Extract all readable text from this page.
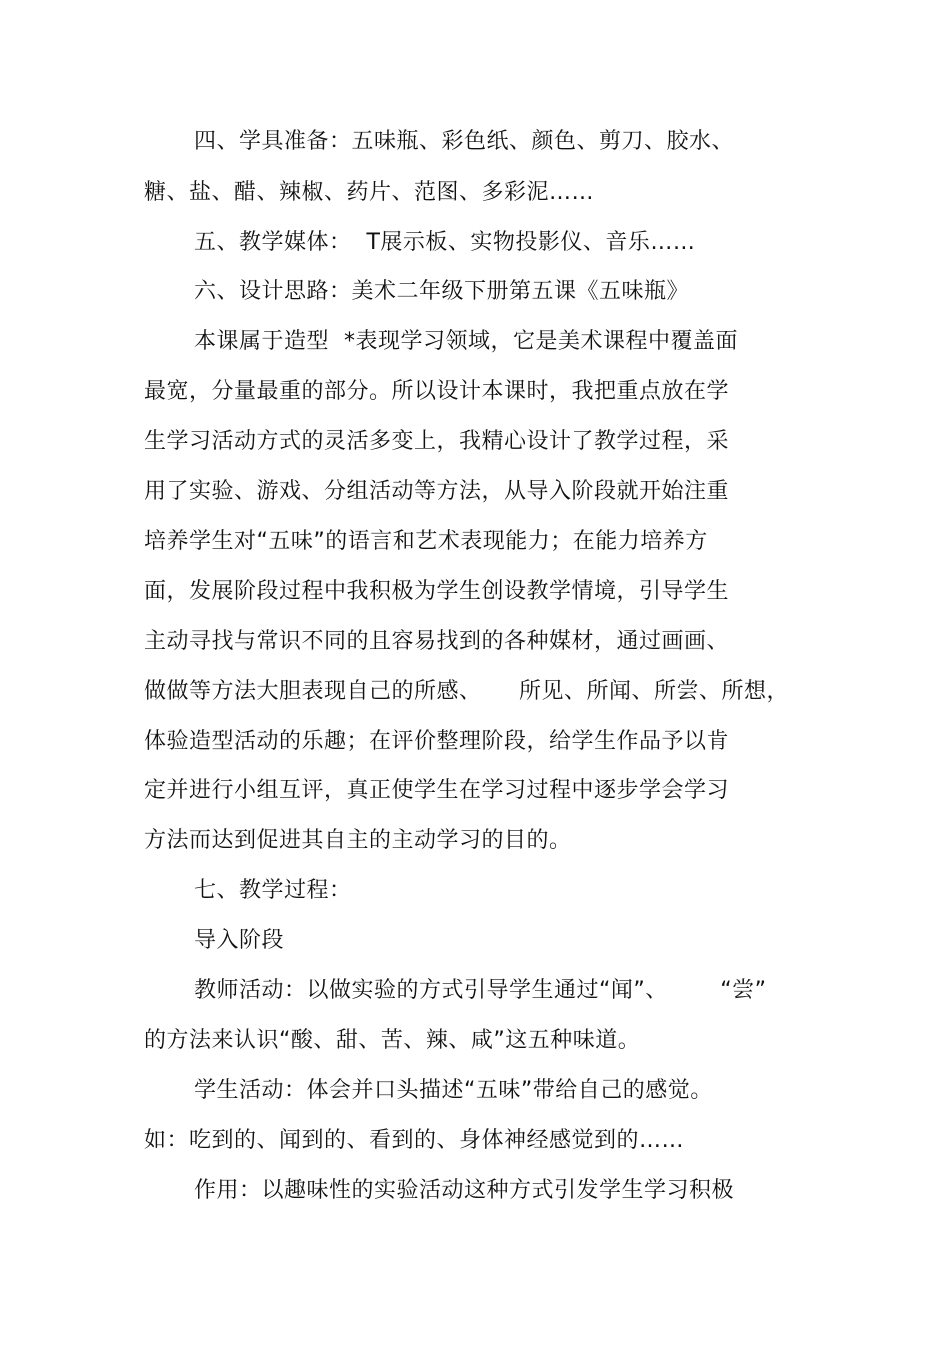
四、学具准备：五味瓶、彩色纸、颜色、剪刀、胶水、
糖、盐、醋、辣椒、药片、范图、多彩泥……
五、教学媒体：  T展示板、实物投影仪、音乐……
六、设计思路：美术二年级下册第五课《五味瓶》
本课属于造型  *表现学习领域，它是美术课程中覆盖面
最宽，分量最重的部分。所以设计本课时，我把重点放在学
生学习活动方式的灵活多变上，我精心设计了教学过程，采
用了实验、游戏、分组活动等方法，从导入阶段就开始注重
培养学生对“五味”的语言和艺术表现能力；在能力培养方
面，发展阶段过程中我积极为学生创设教学情境，引导学生
主动寻找与常识不同的且容易找到的各种媒材，通过画画、
做做等方法大胆表现自己的所感、     所见、所闻、所尝、所想，
体验造型活动的乐趣；在评价整理阶段，给学生作品予以肯
定并进行小组互评，真正使学生在学习过程中逐步学会学习
方法而达到促进其自主的主动学习的目的。
七、教学过程：
导入阶段
教师活动：以做实验的方式引导学生通过“闻”、       “尝”
的方法来认识“酸、甜、苦、辣、咸”这五种味道。
学生活动：体会并口头描述“五味”带给自己的感觉。
如：吃到的、闻到的、看到的、身体神经感觉到的……
作用：以趣味性的实验活动这种方式引发学生学习积极
